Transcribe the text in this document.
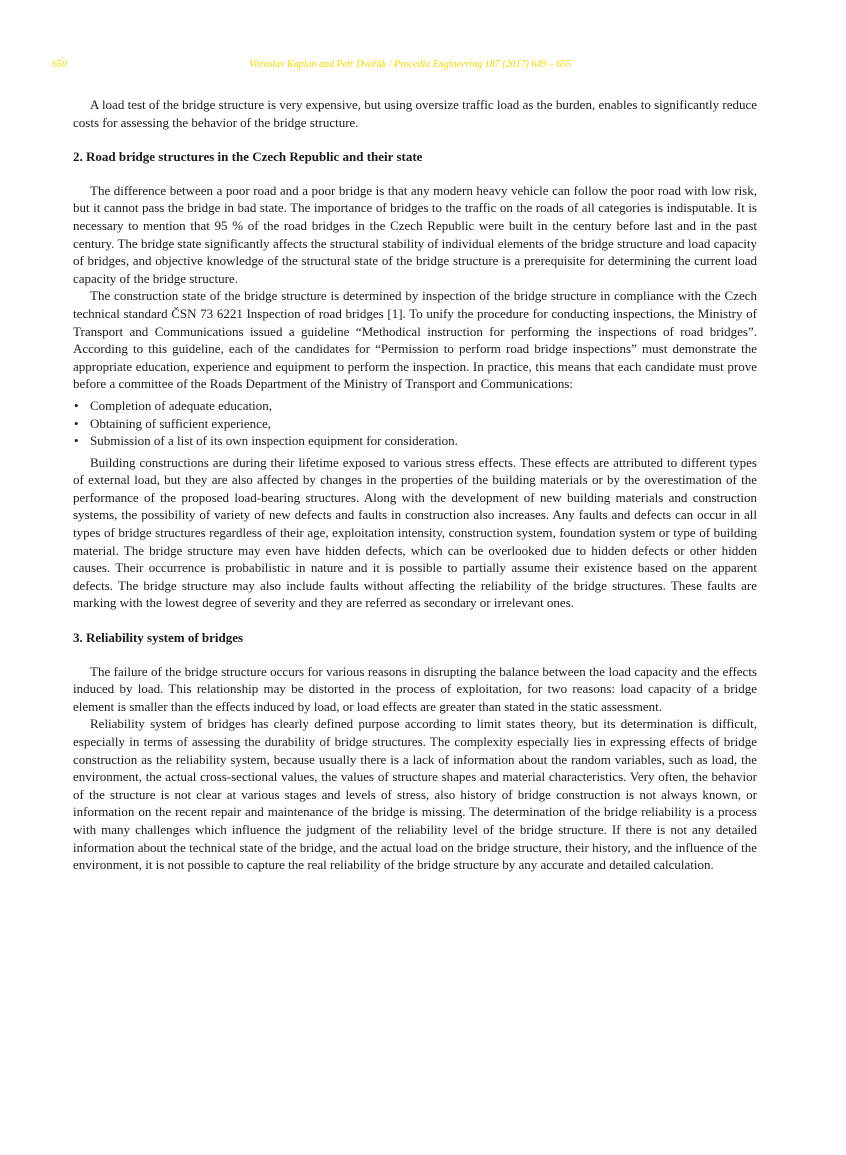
650	Vitroslav Kaplan and Petr Dvořák / Procedia Engineering 187 (2017) 649 – 655

A load test of the bridge structure is very expensive, but using oversize traffic load as the burden, enables to significantly reduce costs for assessing the behavior of the bridge structure.

2. Road bridge structures in the Czech Republic and their state

The difference between a poor road and a poor bridge is that any modern heavy vehicle can follow the poor road with low risk, but it cannot pass the bridge in bad state. The importance of bridges to the traffic on the roads of all categories is indisputable. It is necessary to mention that 95 % of the road bridges in the Czech Republic were built in the century before last and in the past century. The bridge state significantly affects the structural stability of individual elements of the bridge structure and load capacity of bridges, and objective knowledge of the structural state of the bridge structure is a prerequisite for determining the current load capacity of the bridge structure.

The construction state of the bridge structure is determined by inspection of the bridge structure in compliance with the Czech technical standard ČSN 73 6221 Inspection of road bridges [1]. To unify the procedure for conducting inspections, the Ministry of Transport and Communications issued a guideline “Methodical instruction for performing the inspections of road bridges”. According to this guideline, each of the candidates for “Permission to perform road bridge inspections” must demonstrate the appropriate education, experience and equipment to perform the inspection. In practice, this means that each candidate must prove before a committee of the Roads Department of the Ministry of Transport and Communications:

• Completion of adequate education,
• Obtaining of sufficient experience,
• Submission of a list of its own inspection equipment for consideration.

Building constructions are during their lifetime exposed to various stress effects. These effects are attributed to different types of external load, but they are also affected by changes in the properties of the building materials or by the overestimation of the performance of the proposed load-bearing structures. Along with the development of new building materials and construction systems, the possibility of variety of new defects and faults in construction also increases. Any faults and defects can occur in all types of bridge structures regardless of their age, exploitation intensity, construction system, foundation system or type of building material. The bridge structure may even have hidden defects, which can be overlooked due to hidden defects or other hidden causes. Their occurrence is probabilistic in nature and it is possible to partially assume their existence based on the apparent defects. The bridge structure may also include faults without affecting the reliability of the bridge structures. These faults are marking with the lowest degree of severity and they are referred as secondary or irrelevant ones.

3. Reliability system of bridges

The failure of the bridge structure occurs for various reasons in disrupting the balance between the load capacity and the effects induced by load. This relationship may be distorted in the process of exploitation, for two reasons: load capacity of a bridge element is smaller than the effects induced by load, or load effects are greater than stated in the static assessment.

Reliability system of bridges has clearly defined purpose according to limit states theory, but its determination is difficult, especially in terms of assessing the durability of bridge structures. The complexity especially lies in expressing effects of bridge construction as the reliability system, because usually there is a lack of information about the random variables, such as load, the environment, the actual cross-sectional values, the values of structure shapes and material characteristics. Very often, the behavior of the structure is not clear at various stages and levels of stress, also history of bridge construction is not always known, or information on the recent repair and maintenance of the bridge is missing. The determination of the bridge reliability is a process with many challenges which influence the judgment of the reliability level of the bridge structure. If there is not any detailed information about the technical state of the bridge, and the actual load on the bridge structure, their history, and the influence of the environment, it is not possible to capture the real reliability of the bridge structure by any accurate and detailed calculation.
